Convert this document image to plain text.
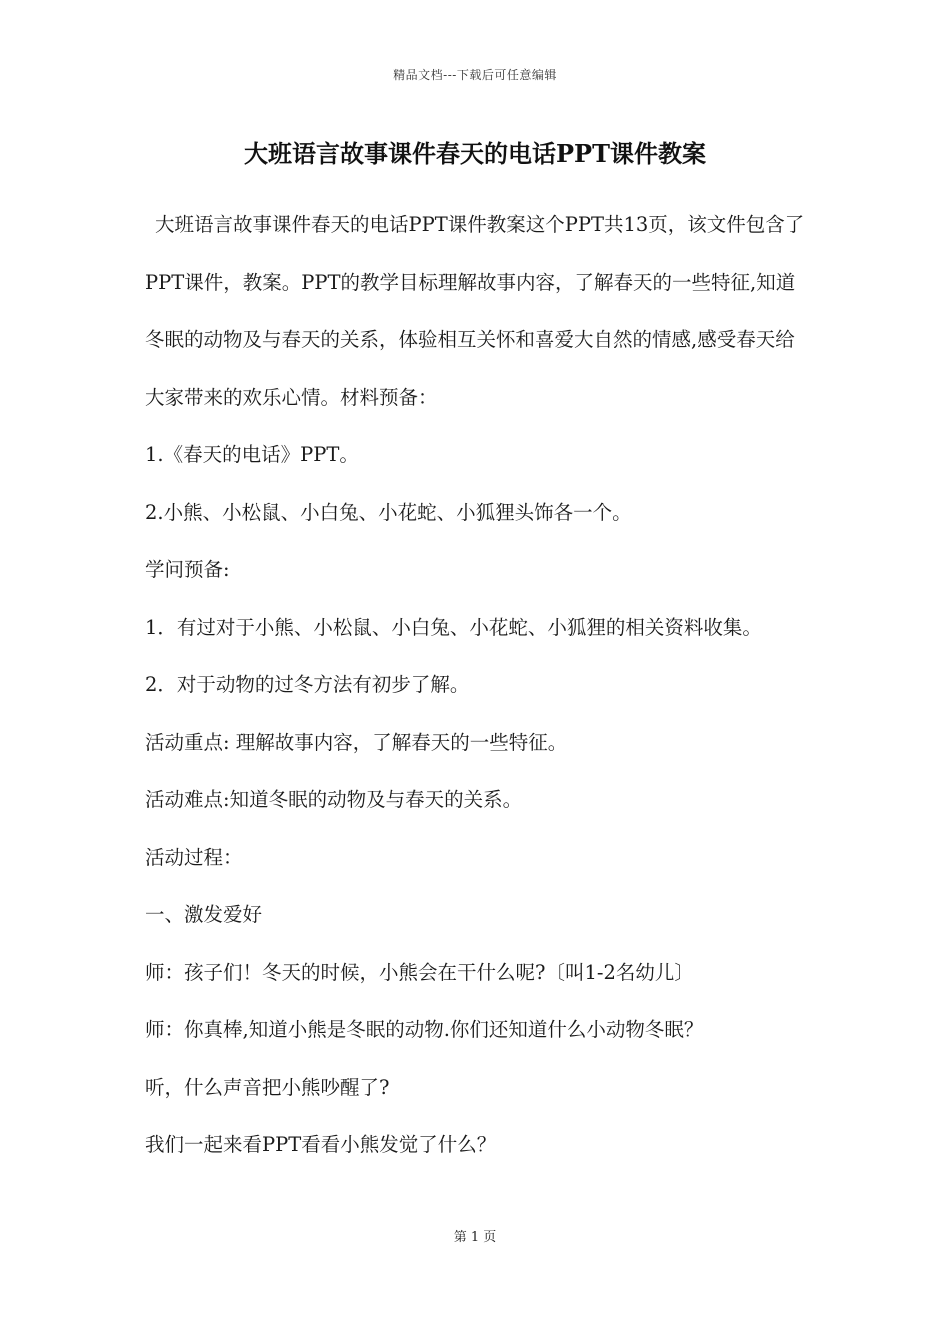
精品文档---下载后可任意编辑
大班语言故事课件春天的电话PPT课件教案

大班语言故事课件春天的电话PPT课件教案这个PPT共13页，该文件包含了PPT课件，教案。PPT的教学目标理解故事内容，了解春天的一些特征,知道冬眠的动物及与春天的关系，体验相互关怀和喜爱大自然的情感,感受春天给大家带来的欢乐心情。材料预备：

1.《春天的电话》PPT。

2.小熊、小松鼠、小白兔、小花蛇、小狐狸头饰各一个。

学问预备:

1．有过对于小熊、小松鼠、小白兔、小花蛇、小狐狸的相关资料收集。

2．对于动物的过冬方法有初步了解。

活动重点: 理解故事内容，了解春天的一些特征。

活动难点:知道冬眠的动物及与春天的关系。

活动过程：

一、激发爱好

师：孩子们！冬天的时候，小熊会在干什么呢?〔叫1-2名幼儿〕

师：你真棒,知道小熊是冬眠的动物.你们还知道什么小动物冬眠？

听，什么声音把小熊吵醒了?

我们一起来看PPT看看小熊发觉了什么？

第 1 页
